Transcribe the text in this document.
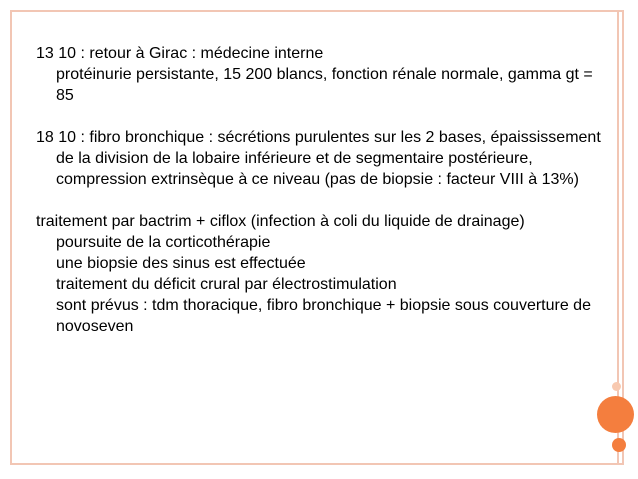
13 10 : retour à Girac : médecine interne

protéinurie persistante, 15 200 blancs, fonction rénale normale, gamma gt = 85

18 10 : fibro bronchique : sécrétions purulentes sur les 2 bases, épaississement de la division de la lobaire inférieure et de segmentaire postérieure, compression extrinsèque à ce niveau (pas de biopsie : facteur VIII à 13%)

traitement par bactrim + ciflox (infection à coli du liquide de drainage)

poursuite de la corticothérapie

une biopsie des sinus est effectuée

traitement du déficit crural par électrostimulation

sont prévus : tdm thoracique, fibro bronchique + biopsie sous couverture de novoseven
